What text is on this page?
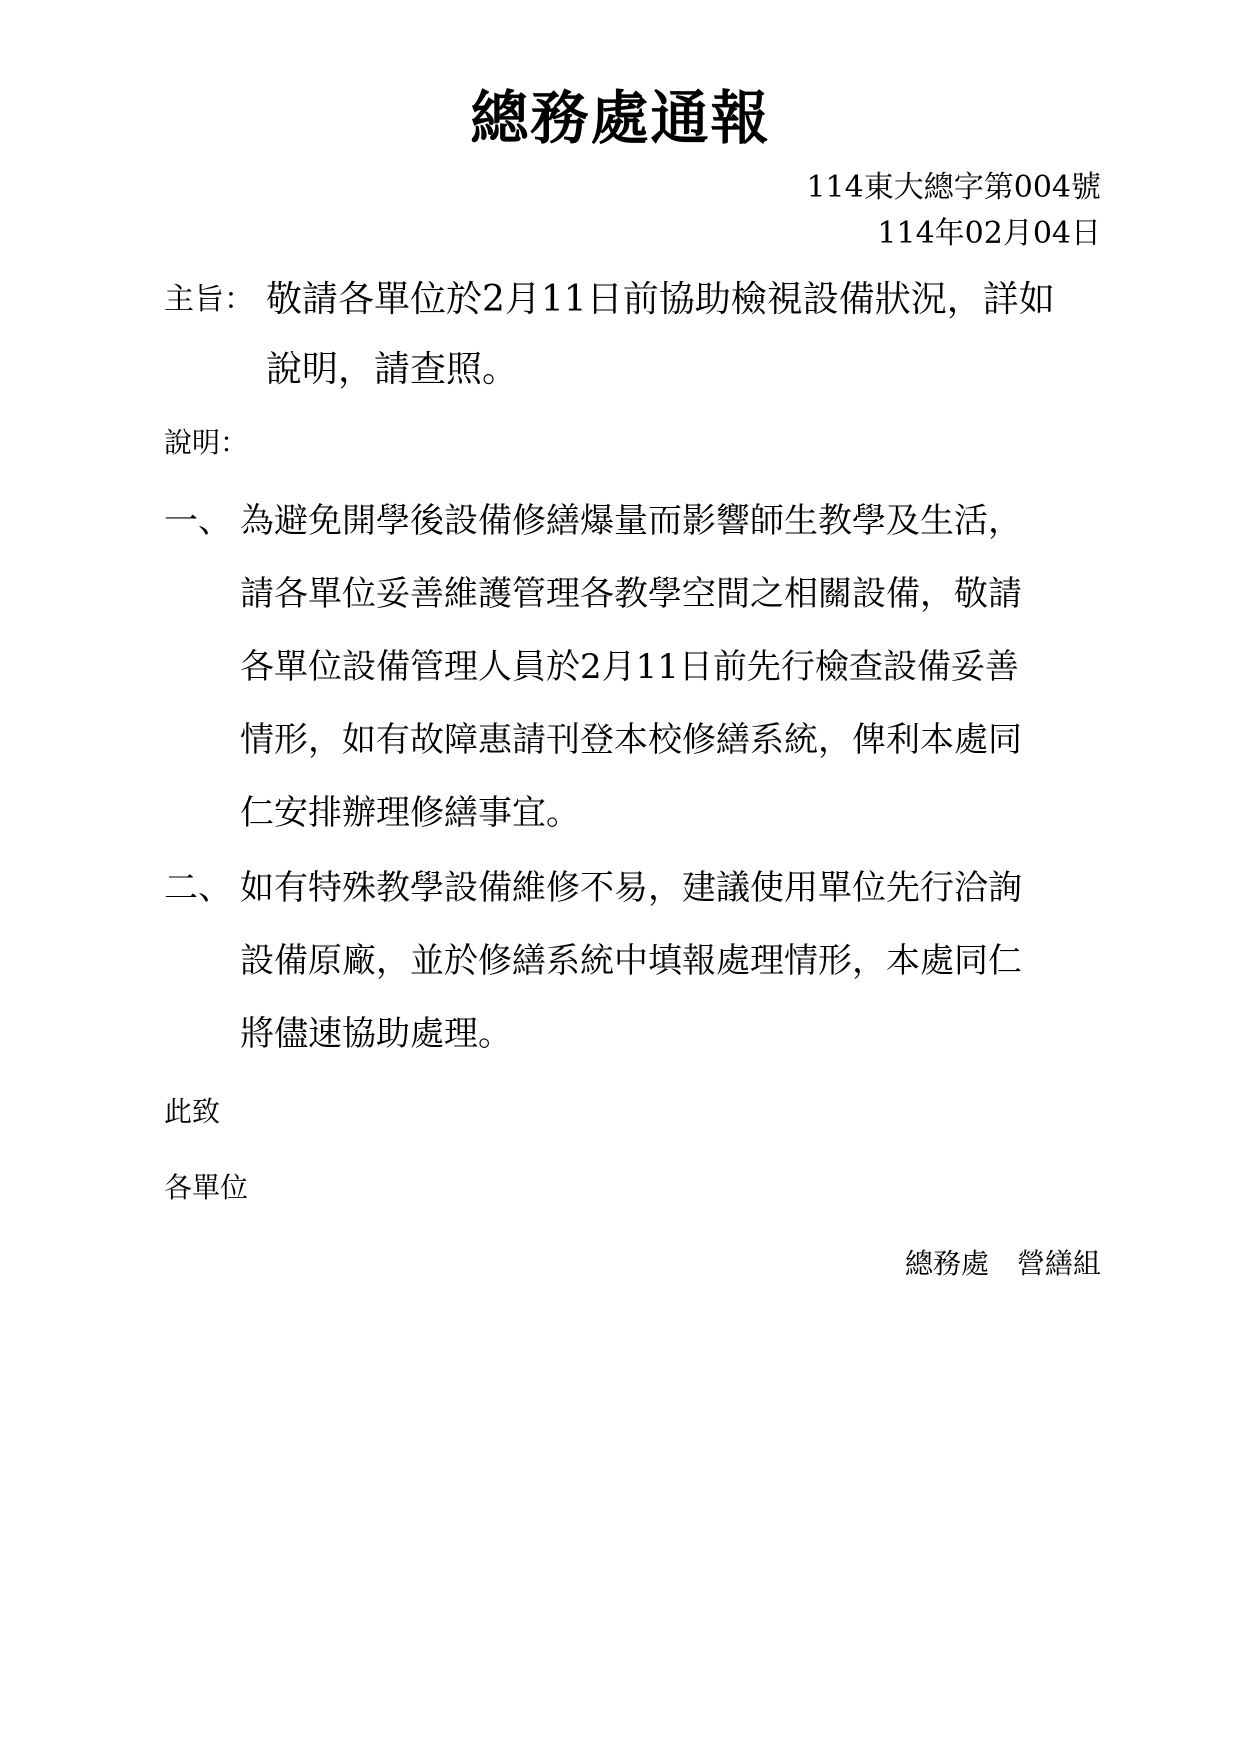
總務處通報
114東大總字第004號
114年02月04日
主旨： 敬請各單位於2月11日前協助檢視設備狀況，詳如
說明，請查照。
說明：
一、 為避免開學後設備修繕爆量而影響師生教學及生活，
請各單位妥善維護管理各教學空間之相關設備，敬請
各單位設備管理人員於2月11日前先行檢查設備妥善
情形，如有故障惠請刊登本校修繕系統，俾利本處同
仁安排辦理修繕事宜。
二、 如有特殊教學設備維修不易，建議使用單位先行洽詢
設備原廠，並於修繕系統中填報處理情形，本處同仁
將儘速協助處理。
此致
各單位
總務處　營繕組
